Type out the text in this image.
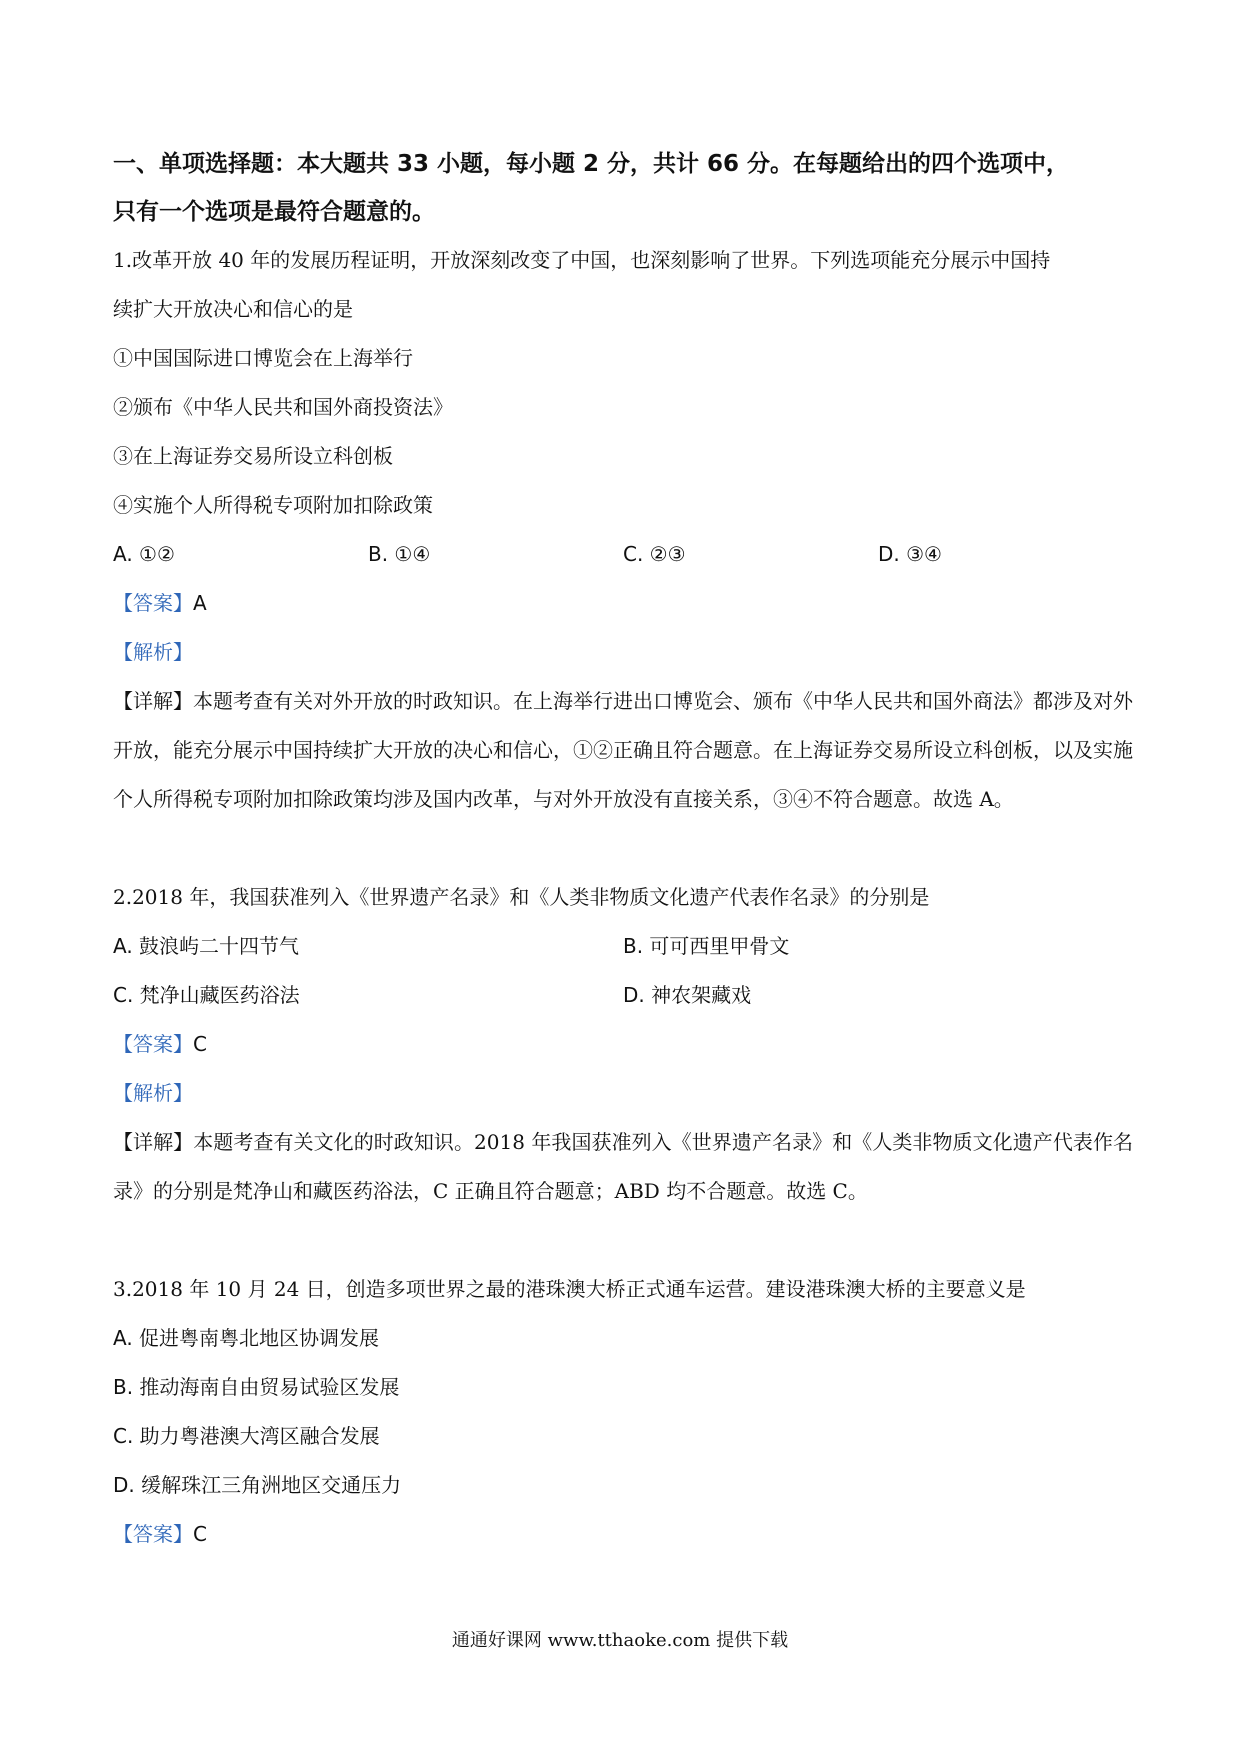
一、单项选择题：本大题共 33 小题，每小题 2 分，共计 66 分。在每题给出的四个选项中，

只有一个选项是最符合题意的。

1.改革开放 40 年的发展历程证明，开放深刻改变了中国，也深刻影响了世界。下列选项能充分展示中国持

续扩大开放决心和信心的是

①中国国际进口博览会在上海举行

②颁布《中华人民共和国外商投资法》

③在上海证券交易所设立科创板

④实施个人所得税专项附加扣除政策

A. ①②	B. ①④	C. ②③	D. ③④

【答案】A

【解析】

【详解】本题考查有关对外开放的时政知识。在上海举行进出口博览会、颁布《中华人民共和国外商法》都涉及对外开放，能充分展示中国持续扩大开放的决心和信心，①②正确且符合题意。在上海证券交易所设立科创板，以及实施个人所得税专项附加扣除政策均涉及国内改革，与对外开放没有直接关系，③④不符合题意。故选 A。

2.2018 年，我国获准列入《世界遗产名录》和《人类非物质文化遗产代表作名录》的分别是

A. 鼓浪屿二十四节气	B. 可可西里甲骨文
C. 梵净山藏医药浴法	D. 神农架藏戏

【答案】C

【解析】

【详解】本题考查有关文化的时政知识。2018 年我国获准列入《世界遗产名录》和《人类非物质文化遗产代表作名录》的分别是梵净山和藏医药浴法，C 正确且符合题意；ABD 均不合题意。故选 C。

3.2018 年 10 月 24 日，创造多项世界之最的港珠澳大桥正式通车运营。建设港珠澳大桥的主要意义是

A. 促进粤南粤北地区协调发展

B. 推动海南自由贸易试验区发展

C. 助力粤港澳大湾区融合发展

D. 缓解珠江三角洲地区交通压力

【答案】C

通通好课网 www.tthaoke.com 提供下载
